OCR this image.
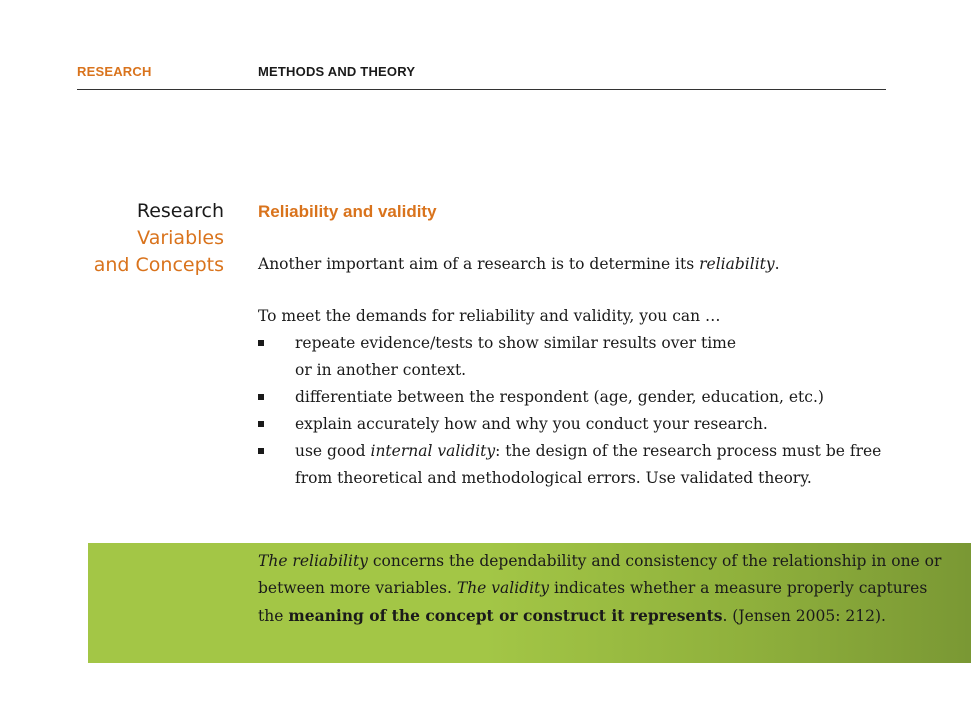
RESEARCH	METHODS AND THEORY
Research
Variables
and Concepts
Reliability and validity
Another important aim of a research is to determine its reliability.
To meet the demands for reliability and validity, you can …
repeate evidence/tests to show similar results over time
or in another context.
differentiate between the respondent (age, gender, education, etc.)
explain accurately how and why you conduct your research.
use good internal validity: the design of the research process must be free
from theoretical and methodological errors. Use validated theory.
The reliability concerns the dependability and consistency of the relationship in one or between more variables. The validity indicates whether a measure properly captures the meaning of the concept or construct it represents. (Jensen 2005: 212).
